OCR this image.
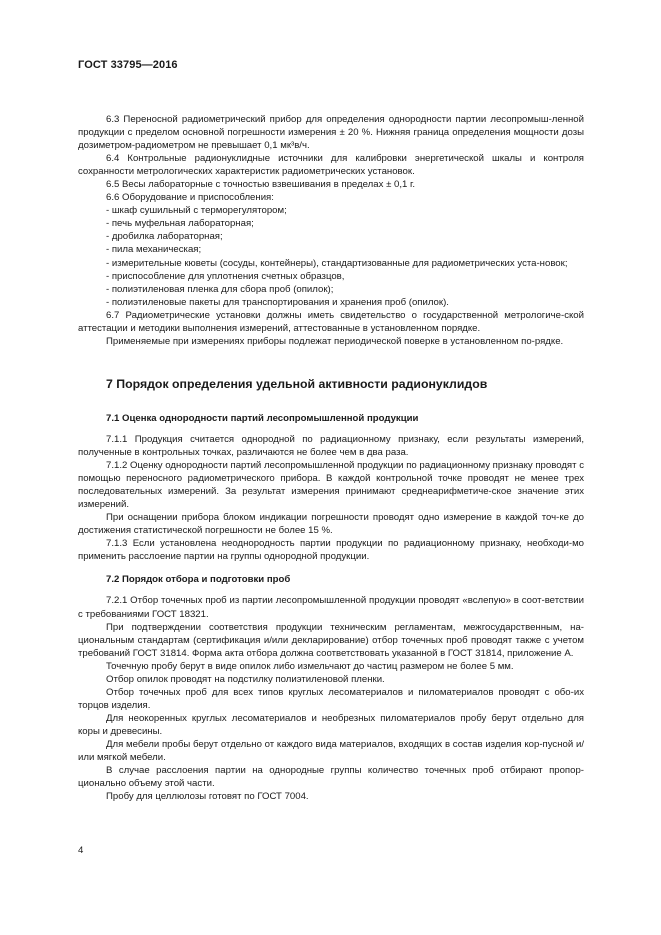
ГОСТ 33795—2016

6.3 Переносной радиометрический прибор для определения однородности партии лесопромыш-ленной продукции с пределом основной погрешности измерения ± 20 %. Нижняя граница определения мощности дозы дозиметром-радиометром не превышает 0,1 мк³в/ч.

6.4 Контрольные радионуклидные источники для калибровки энергетической шкалы и контроля сохранности метрологических характеристик радиометрических установок.

6.5 Весы лабораторные с точностью взвешивания в пределах ± 0,1 г.

6.6 Оборудование и приспособления:

- шкаф сушильный с терморегулятором;

- печь муфельная лабораторная;

- дробилка лабораторная;

- пила механическая;

- измерительные кюветы (сосуды, контейнеры), стандартизованные для радиометрических уста-новок;

- приспособление для уплотнения счетных образцов,

- полиэтиленовая пленка для сбора проб (опилок);

- полиэтиленовые пакеты для транспортирования и хранения проб (опилок).

6.7 Радиометрические установки должны иметь свидетельство о государственной метрологиче-ской аттестации и методики выполнения измерений, аттестованные в установленном порядке.

Применяемые при измерениях приборы подлежат периодической поверке в установленном по-рядке.

7 Порядок определения удельной активности радионуклидов

7.1 Оценка однородности партий лесопромышленной продукции

7.1.1 Продукция считается однородной по радиационному признаку, если результаты измерений, полученные в контрольных точках, различаются не более чем в два раза.

7.1.2 Оценку однородности партий лесопромышленной продукции по радиационному признаку проводят с помощью переносного радиометрического прибора. В каждой контрольной точке проводят не менее трех последовательных измерений. За результат измерения принимают среднеарифметиче-ское значение этих измерений.

При оснащении прибора блоком индикации погрешности проводят одно измерение в каждой точ-ке до достижения статистической погрешности не более 15 %.

7.1.3 Если установлена неоднородность партии продукции по радиационному признаку, необходи-мо применить расслоение партии на группы однородной продукции.

7.2 Порядок отбора и подготовки проб

7.2.1 Отбор точечных проб из партии лесопромышленной продукции проводят «вслепую» в соот-ветствии с требованиями ГОСТ 18321.

При подтверждении соответствия продукции техническим регламентам, межгосударственным, на-циональным стандартам (сертификация и/или декларирование) отбор точечных проб проводят также с учетом требований ГОСТ 31814. Форма акта отбора должна соответствовать указанной в ГОСТ 31814, приложение А.

Точечную пробу берут в виде опилок либо измельчают до частиц размером не более 5 мм.

Отбор опилок проводят на подстилку полиэтиленовой пленки.

Отбор точечных проб для всех типов круглых лесоматериалов и пиломатериалов проводят с обо-их торцов изделия.

Для неокоренных круглых лесоматериалов и необрезных пиломатериалов пробу берут отдельно для коры и древесины.

Для мебели пробы берут отдельно от каждого вида материалов, входящих в состав изделия кор-пусной и/или мягкой мебели.

В случае расслоения партии на однородные группы количество точечных проб отбирают пропор-ционально объему этой части.

Пробу для целлюлозы готовят по ГОСТ 7004.

4
